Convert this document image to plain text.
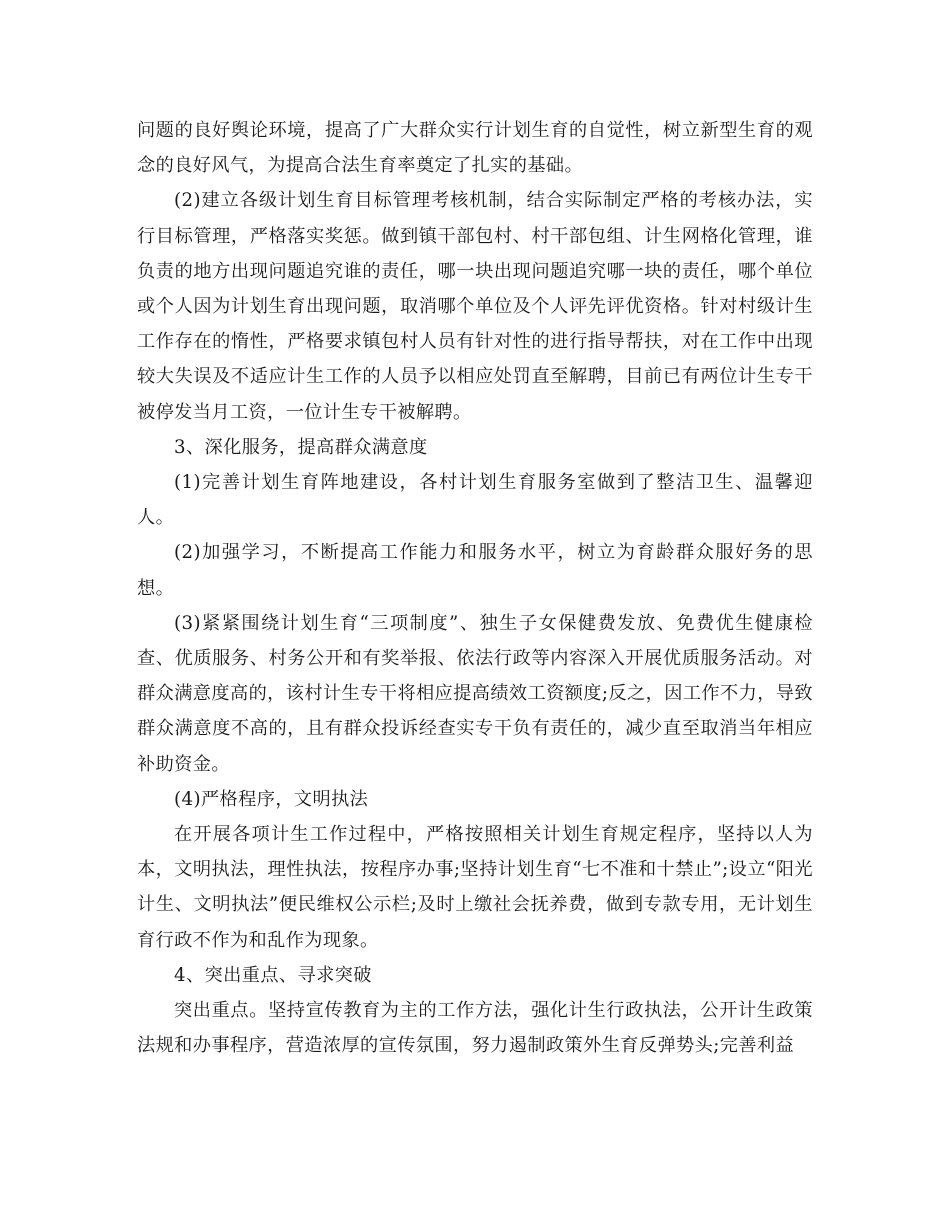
问题的良好舆论环境，提高了广大群众实行计划生育的自觉性，树立新型生育的观念的良好风气，为提高合法生育率奠定了扎实的基础。

(2)建立各级计划生育目标管理考核机制，结合实际制定严格的考核办法，实行目标管理，严格落实奖惩。做到镇干部包村、村干部包组、计生网格化管理，谁负责的地方出现问题追究谁的责任，哪一块出现问题追究哪一块的责任，哪个单位或个人因为计划生育出现问题，取消哪个单位及个人评先评优资格。针对村级计生工作存在的惰性，严格要求镇包村人员有针对性的进行指导帮扶，对在工作中出现较大失误及不适应计生工作的人员予以相应处罚直至解聘，目前已有两位计生专干被停发当月工资，一位计生专干被解聘。

3、深化服务，提高群众满意度

(1)完善计划生育阵地建设，各村计划生育服务室做到了整洁卫生、温馨迎人。

(2)加强学习，不断提高工作能力和服务水平，树立为育龄群众服好务的思想。

(3)紧紧围绕计划生育“三项制度”、独生子女保健费发放、免费优生健康检查、优质服务、村务公开和有奖举报、依法行政等内容深入开展优质服务活动。对群众满意度高的，该村计生专干将相应提高绩效工资额度;反之，因工作不力，导致群众满意度不高的，且有群众投诉经查实专干负有责任的，减少直至取消当年相应补助资金。

(4)严格程序，文明执法

在开展各项计生工作过程中，严格按照相关计划生育规定程序，坚持以人为本，文明执法，理性执法，按程序办事;坚持计划生育“七不准和十禁止”;设立“阳光计生、文明执法”便民维权公示栏;及时上缴社会抚养费，做到专款专用，无计划生育行政不作为和乱作为现象。

4、突出重点、寻求突破

突出重点。坚持宣传教育为主的工作方法，强化计生行政执法，公开计生政策法规和办事程序，营造浓厚的宣传氛围，努力遏制政策外生育反弹势头;完善利益
